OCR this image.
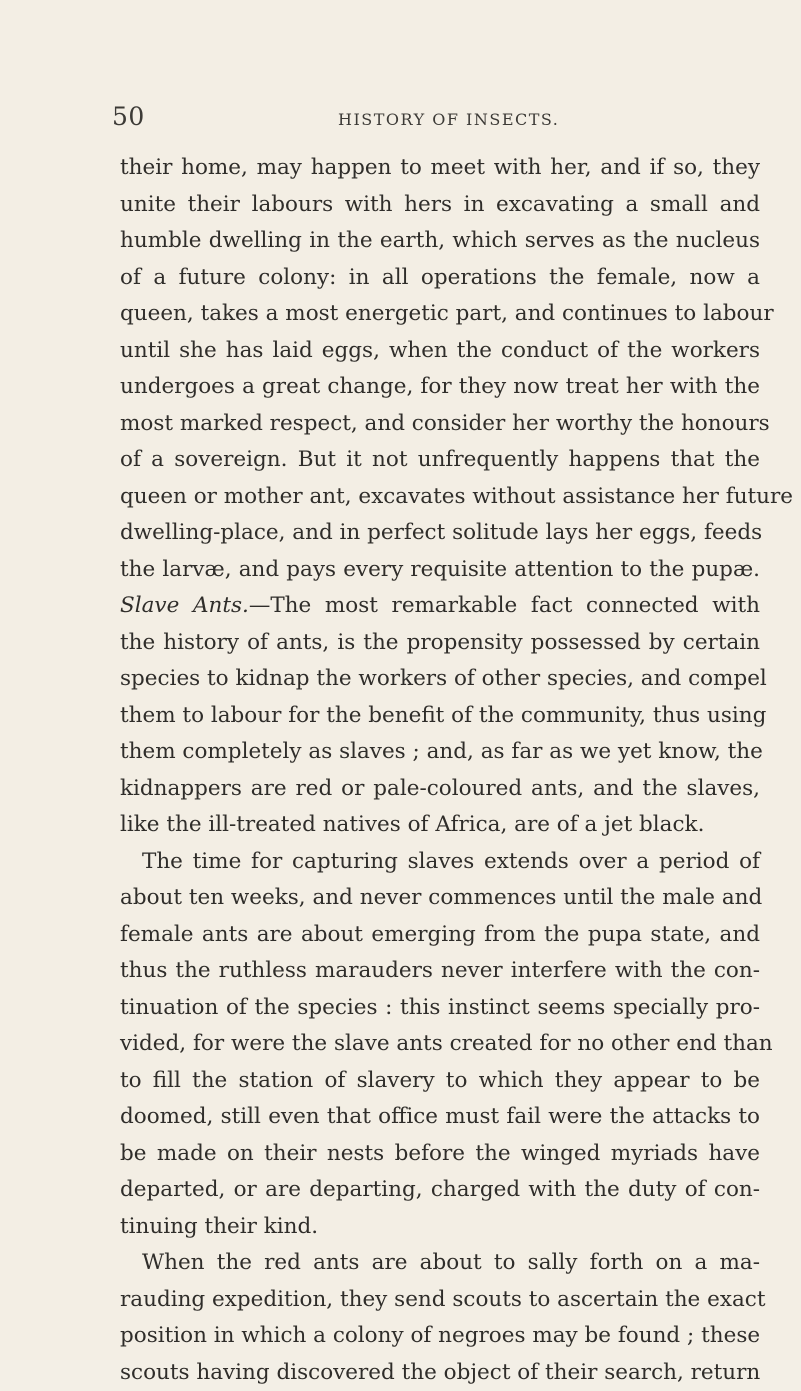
50	HISTORY OF INSECTS.
their home, may happen to meet with her, and if so, they
unite their labours with hers in excavating a small and
humble dwelling in the earth, which serves as the nucleus
of a future colony: in all operations the female, now a
queen, takes a most energetic part, and continues to labour
until she has laid eggs, when the conduct of the workers
undergoes a great change, for they now treat her with the
most marked respect, and consider her worthy the honours
of a sovereign. But it not unfrequently happens that the
queen or mother ant, excavates without assistance her future
dwelling-place, and in perfect solitude lays her eggs, feeds
the larvæ, and pays every requisite attention to the pupæ.
Slave Ants.—The most remarkable fact connected with
the history of ants, is the propensity possessed by certain
species to kidnap the workers of other species, and compel
them to labour for the benefit of the community, thus using
them completely as slaves ; and, as far as we yet know, the
kidnappers are red or pale-coloured ants, and the slaves,
like the ill-treated natives of Africa, are of a jet black.
The time for capturing slaves extends over a period of
about ten weeks, and never commences until the male and
female ants are about emerging from the pupa state, and
thus the ruthless marauders never interfere with the con-
tinuation of the species : this instinct seems specially pro-
vided, for were the slave ants created for no other end than
to fill the station of slavery to which they appear to be
doomed, still even that office must fail were the attacks to
be made on their nests before the winged myriads have
departed, or are departing, charged with the duty of con-
tinuing their kind.
When the red ants are about to sally forth on a ma-
rauding expedition, they send scouts to ascertain the exact
position in which a colony of negroes may be found ; these
scouts having discovered the object of their search, return
